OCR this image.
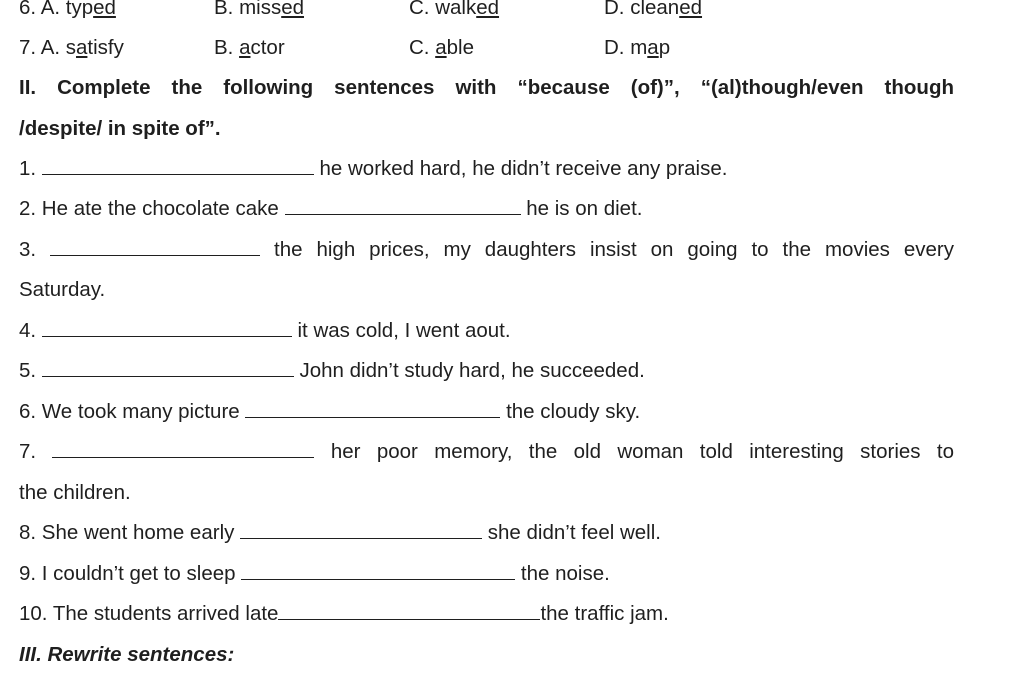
6. A. typed	B. missed	C. walked	D. cleaned
7. A. satisfy	B. actor	C. able	D. map
II. Complete the following sentences with “because (of)”, “(al)though/even though
/despite/ in spite of”.
1.	he worked hard, he didn’t receive any praise.
2. He ate the chocolate cake	he is on diet.
3.	the high prices, my daughters insist on going to the movies every
Saturday.
4.	it was cold, I went aout.
5.	John didn’t study hard, he succeeded.
6. We took many picture	the cloudy sky.
7.	her poor memory, the old woman told interesting stories to
the children.
8. She went home early	she didn’t feel well.
9. I couldn’t get to sleep	the noise.
10. The students arrived late	the traffic jam.
III. Rewrite sentences:
